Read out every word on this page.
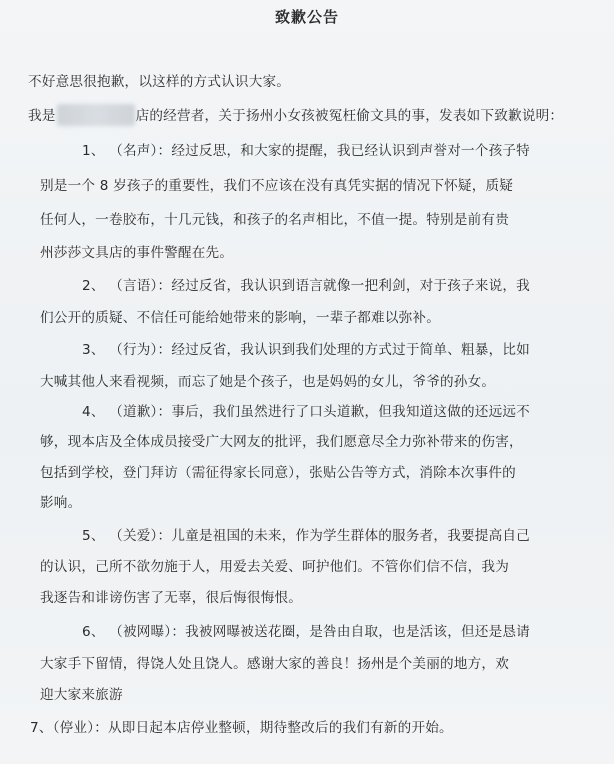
致歉公告
不好意思很抱歉，以这样的方式认识大家。
我是	店的经营者，关于扬州小女孩被冤枉偷文具的事，发表如下致歉说明：
1、 （名声）：经过反思，和大家的提醒，我已经认识到声誉对一个孩子特
别是一个 8 岁孩子的重要性，我们不应该在没有真凭实据的情况下怀疑，质疑
任何人，一卷胶布，十几元钱，和孩子的名声相比，不值一提。特别是前有贵
州莎莎文具店的事件警醒在先。
2、 （言语）：经过反省，我认识到语言就像一把利剑，对于孩子来说，我
们公开的质疑、不信任可能给她带来的影响，一辈子都难以弥补。
3、 （行为）：经过反省，我认识到我们处理的方式过于简单、粗暴，比如
大喊其他人来看视频，而忘了她是个孩子，也是妈妈的女儿，爷爷的孙女。
4、 （道歉）：事后，我们虽然进行了口头道歉，但我知道这做的还远远不
够，现本店及全体成员接受广大网友的批评，我们愿意尽全力弥补带来的伤害，
包括到学校，登门拜访（需征得家长同意），张贴公告等方式，消除本次事件的
影响。
5、 （关爱）：儿童是祖国的未来，作为学生群体的服务者，我要提高自己
的认识，己所不欲勿施于人，用爱去关爱、呵护他们。不管你们信不信，我为
我逐告和诽谤伤害了无辜，很后悔很悔恨。
6、 （被网曝）：我被网曝被送花圈，是咎由自取，也是活该，但还是恳请
大家手下留情，得饶人处且饶人。感谢大家的善良！扬州是个美丽的地方，欢
迎大家来旅游
7、（停业）：从即日起本店停业整顿，期待整改后的我们有新的开始。
